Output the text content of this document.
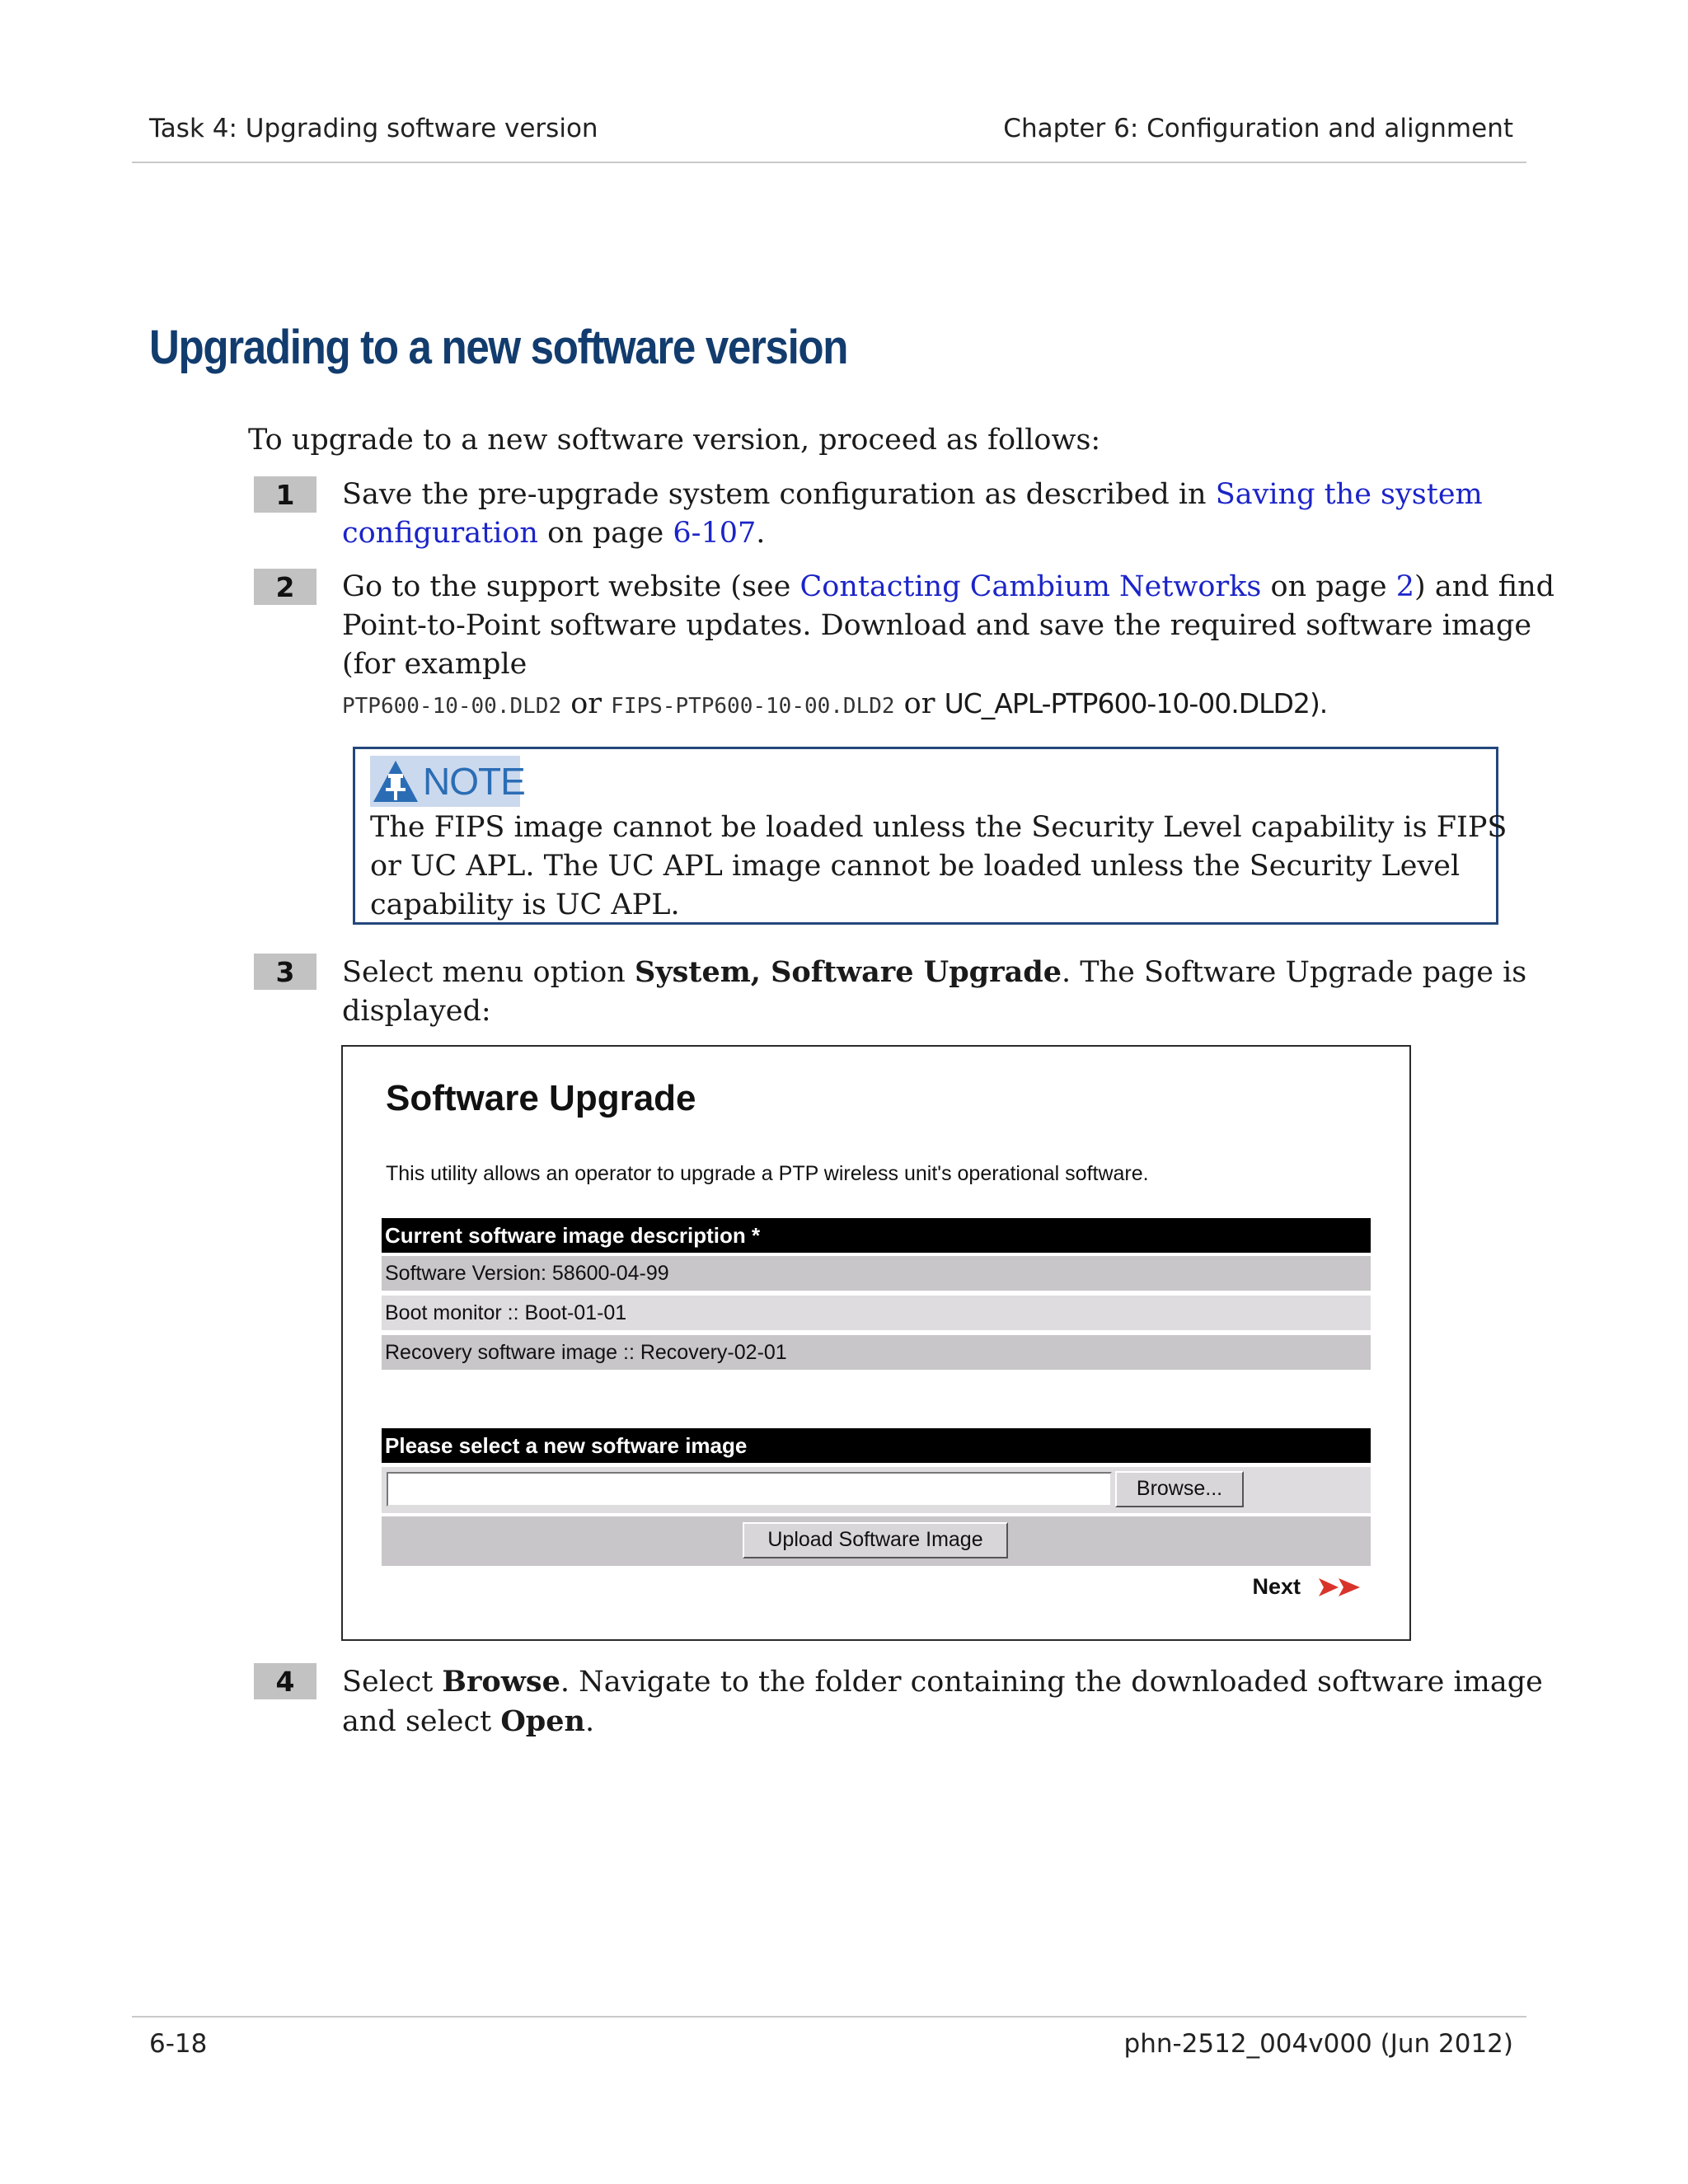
Task 4: Upgrading software version	Chapter 6: Configuration and alignment
Upgrading to a new software version
To upgrade to a new software version, proceed as follows:
1	Save the pre-upgrade system configuration as described in Saving the system
configuration on page 6-107.
2	Go to the support website (see Contacting Cambium Networks on page 2) and find
Point-to-Point software updates. Download and save the required software image
(for example
PTP600-10-00.DLD2 or FIPS-PTP600-10-00.DLD2 or UC_APL-PTP600-10-00.DLD2).
NOTE
The FIPS image cannot be loaded unless the Security Level capability is FIPS
or UC APL. The UC APL image cannot be loaded unless the Security Level
capability is UC APL.
3	Select menu option System, Software Upgrade. The Software Upgrade page is
displayed:
Software Upgrade
This utility allows an operator to upgrade a PTP wireless unit's operational software.
Current software image description *
Software Version: 58600-04-99
Boot monitor :: Boot-01-01
Recovery software image :: Recovery-02-01
Please select a new software image
Browse...
Upload Software Image
Next
4	Select Browse. Navigate to the folder containing the downloaded software image
and select Open.
6-18	phn-2512_004v000 (Jun 2012)
